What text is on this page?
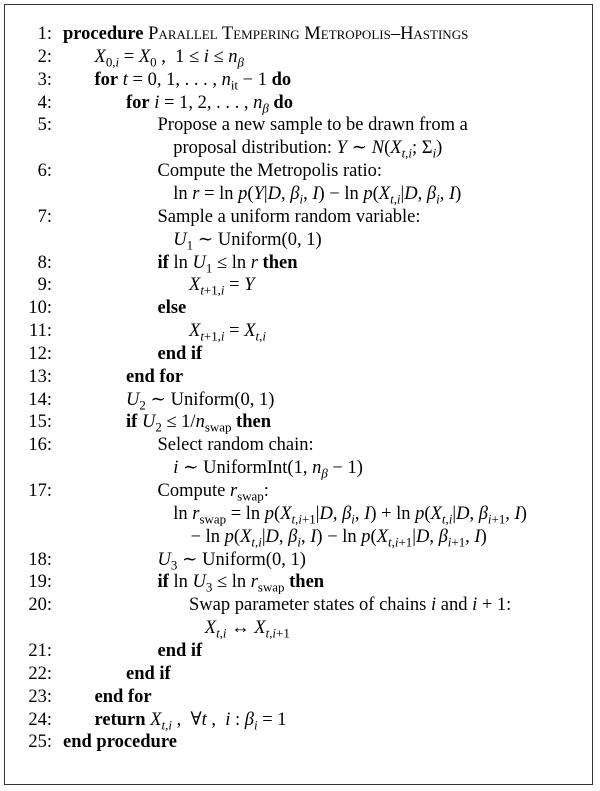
1: procedure Parallel Tempering Metropolis–Hastings
2: $X_{0,i} = X_0$ ,  $1 \le i \le n_\beta$
3: for t = 0, 1, . . . , $n_{it} - 1$ do
4:	for i = 1, 2, . . . , $n_\beta$ do
5:	Propose a new sample to be drawn from a
proposal distribution: Y ∼ $N(X_{t,i}$; $\Sigma_i$)
6:	Compute the Metropolis ratio:
ln r = ln p(Y|D, $\beta_i$, $I) - \ln p(X_{t,i}|D$, $\beta_i$, I)
7:	Sample a uniform random variable:
$U_1$ ∼ Uniform(0, 1)
8:	if $\ln U_1 \le \ln r$ then
9:	$X_{t+1,i} = Y$
10:	else
11:	$X_{t+1,i} = X_{t,i}$
12:	end if
13:	end for
14:	$U_2$ ∼ Uniform(0, 1)
15:	if $U_2 \le 1/n_{swap}$ then
16:	Select random chain:
i ∼ UniformInt(1, $n_\beta - 1$)
17:	Compute $r_{swap}$:
$\ln r_{swap} = \ln p(X_{t,i+1}|D$, $\beta_i$, $I) + \ln p(X_{t,i}|D$, $\beta_{i+1}$, I)
− $\ln p(X_{t,i}|D$, $\beta_i$, $I) - \ln p(X_{t,i+1}|D$, $\beta_{i+1}$, I)
18:	$U_3$ ∼ Uniform(0, 1)
19:	if $\ln U_3 \le \ln r_{swap}$ then
20:	Swap parameter states of chains i and i + 1:
$X_{t,i}$ ↔ $X_{t,i+1}$
21:	end if
22:	end if
23: end for
24: return $X_{t,i}$ ,  ∀t ,  i : $\beta_i = 1$
25: end procedure
